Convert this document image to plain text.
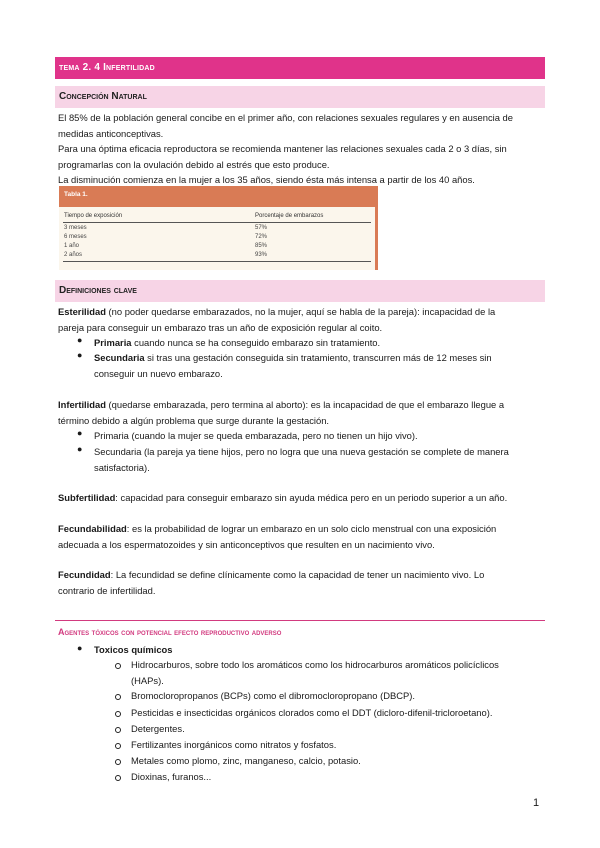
tema 2. 4 Infertilidad
Concepción Natural
El 85% de la población general concibe en el primer año, con relaciones sexuales regulares y en ausencia de
medidas anticonceptivas.
Para una óptima eficacia reproductora se recomienda mantener las relaciones sexuales cada 2 o 3 días, sin
programarlas con la ovulación debido al estrés que esto produce.
La disminución comienza en la mujer a los 35 años, siendo ésta más intensa a partir de los 40 años.
Tabla 1.
Tiempo de exposición	Porcentaje de embarazos
3 meses	57%
6 meses	72%
1 año	85%
2 años	93%
Definiciones clave
Esterilidad (no poder quedarse embarazados, no la mujer, aquí se habla de la pareja): incapacidad de la
pareja para conseguir un embarazo tras un año de exposición regular al coito.
● Primaria cuando nunca se ha conseguido embarazo sin tratamiento.
● Secundaria si tras una gestación conseguida sin tratamiento, transcurren más de 12 meses sin
conseguir un nuevo embarazo.
Infertilidad (quedarse embarazada, pero termina al aborto): es la incapacidad de que el embarazo llegue a
término debido a algún problema que surge durante la gestación.
● Primaria (cuando la mujer se queda embarazada, pero no tienen un hijo vivo).
● Secundaria (la pareja ya tiene hijos, pero no logra que una nueva gestación se complete de manera
satisfactoria).
Subfertilidad: capacidad para conseguir embarazo sin ayuda médica pero en un periodo superior a un año.
Fecundabilidad: es la probabilidad de lograr un embarazo en un solo ciclo menstrual con una exposición
adecuada a los espermatozoides y sin anticonceptivos que resulten en un nacimiento vivo.
Fecundidad: La fecundidad se define clínicamente como la capacidad de tener un nacimiento vivo. Lo
contrario de infertilidad.
Agentes tóxicos con potencial efecto reproductivo adverso
● Toxicos químicos
Hidrocarburos, sobre todo los aromáticos como los hidrocarburos aromáticos policíclicos
(HAPs).
Bromocloropropanos (BCPs) como el dibromocloropropano (DBCP).
Pesticidas e insecticidas orgánicos clorados como el DDT (dicloro-difenil-tricloroetano).
Detergentes.
Fertilizantes inorgánicos como nitratos y fosfatos.
Metales como plomo, zinc, manganeso, calcio, potasio.
Dioxinas, furanos...
1
